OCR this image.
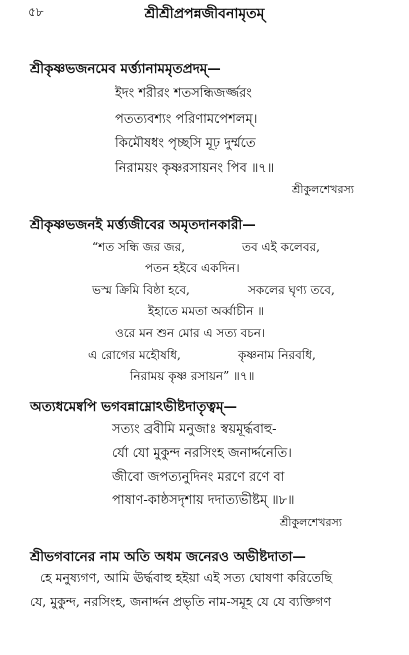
৫৮	শ্রীশ্রীপ্রপন্নজীবনামৃতম্
শ্রীকৃষ্ণভজনমেব মর্ত্ত্যানামমৃতপ্রদম্—
ইদং শরীরং শতসন্ধিজর্জ্জরং
পতত্যবশ্যং পরিণামপেশলম্।
কিমৌষধং পৃচ্ছসি মূঢ় দুর্ম্মতে
নিরাময়ং কৃষ্ণরসায়নং পিব ॥৭॥
শ্রীকুলশেখরস্য
শ্রীকৃষ্ণভজনই মর্ত্ত্যজীবের অমৃতদানকারী—
“শত সন্ধি জর জর,	তব এই কলেবর,
পতন হইবে একদিন।
ভস্ম ক্রিমি বিষ্ঠা হবে,	সকলের ঘৃণ্য তবে,
ইহাতে মমতা অর্ব্বাচীন ॥
ওরে মন শুন মোর এ সত্য বচন।
এ রোগের মহৌষধি,	কৃষ্ণনাম নিরবধি,
নিরাময় কৃষ্ণ রসায়ন” ॥৭॥
অত্যধমেষ্বপি ভগবন্নাম্নোঽভীষ্টদাতৃত্বম্—
সত্যং ব্রবীমি মনুজাঃ স্বয়মূর্দ্ধবাহু-
র্যো যো মুকুন্দ নরসিংহ জনার্দ্দনেতি।
জীবো জপত্যনুদিনং মরণে রণে বা
পাষাণ-কাষ্ঠসদৃশায় দদাত্যভীষ্টম্ ॥৮॥
শ্রীকুলশেখরস্য
শ্রীভগবানের নাম অতি অধম জনেরও অভীষ্টদাতা—
হে মনুষ্যগণ, আমি ঊর্দ্ধবাহু হইয়া এই সত্য ঘোষণা করিতেছি
যে, মুকুন্দ, নরসিংহ, জনার্দ্দন প্রভৃতি নাম-সমূহ যে যে ব্যক্তিগণ
